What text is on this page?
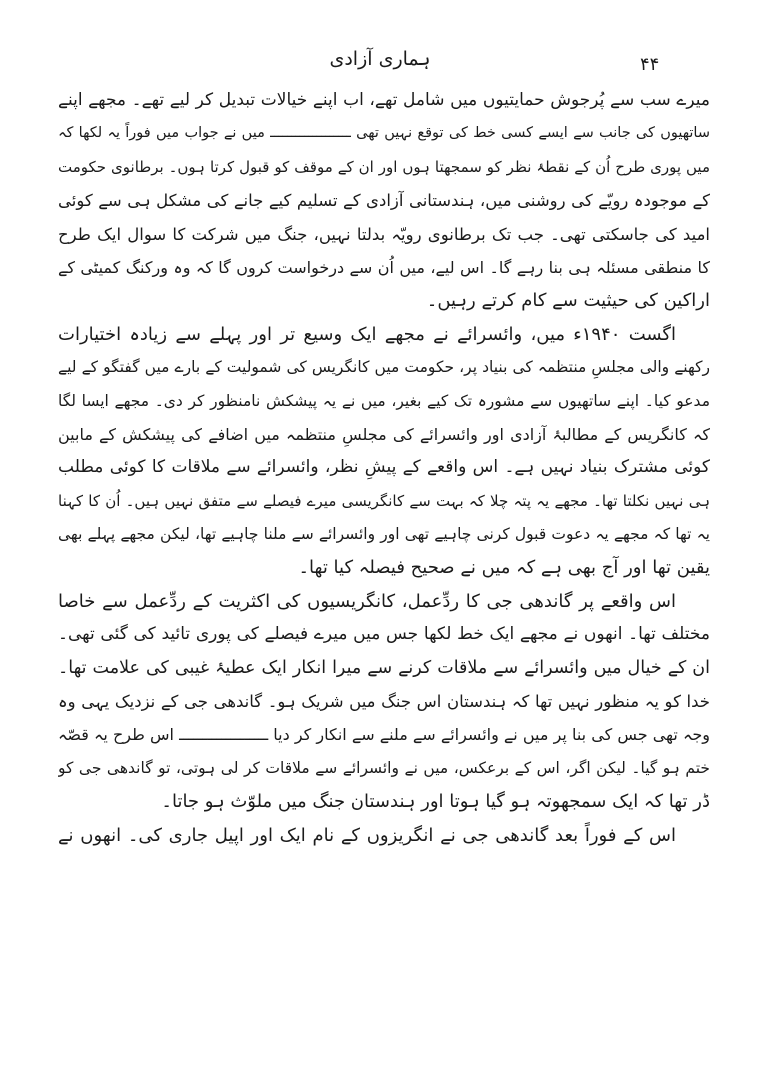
ہماری آزادی	۴۴
میرے سب سے پُرجوش حمایتیوں میں شامل تھے، اب اپنے خیالات تبدیل کر لیے تھے۔ مجھے اپنے
ساتھیوں کی جانب سے ایسے کسی خط کی توقع نہیں تھی ـــــــــــــــــــ میں نے جواب میں فوراً یہ لکھا کہ
میں پوری طرح اُن کے نقطۂ نظر کو سمجھتا ہوں اور ان کے موقف کو قبول کرتا ہوں۔ برطانوی حکومت
کے موجودہ رویّے کی روشنی میں، ہندستانی آزادی کے تسلیم کیے جانے کی مشکل ہی سے کوئی
امید کی جاسکتی تھی۔ جب تک برطانوی رویّہ بدلتا نہیں، جنگ میں شرکت کا سوال ایک طرح
کا منطقی مسئلہ ہی بنا رہے گا۔ اس لیے، میں اُن سے درخواست کروں گا کہ وہ ورکنگ کمیٹی کے
اراکین کی حیثیت سے کام کرتے رہیں۔
اگست ۱۹۴۰ء میں، وائسرائے نے مجھے ایک وسیع تر اور پہلے سے زیادہ اختیارات
رکھنے والی مجلسِ منتظمہ کی بنیاد پر، حکومت میں کانگریس کی شمولیت کے بارے میں گفتگو کے لیے
مدعو کیا۔ اپنے ساتھیوں سے مشورہ تک کیے بغیر، میں نے یہ پیشکش نامنظور کر دی۔ مجھے ایسا لگا
کہ کانگریس کے مطالبۂ آزادی اور وائسرائے کی مجلسِ منتظمہ میں اضافے کی پیشکش کے مابین
کوئی مشترک بنیاد نہیں ہے۔ اس واقعے کے پیشِ نظر، وائسرائے سے ملاقات کا کوئی مطلب
ہی نہیں نکلتا تھا۔ مجھے یہ پتہ چلا کہ بہت سے کانگریسی میرے فیصلے سے متفق نہیں ہیں۔ اُن کا کہنا
یہ تھا کہ مجھے یہ دعوت قبول کرنی چاہیے تھی اور وائسرائے سے ملنا چاہیے تھا، لیکن مجھے پہلے بھی
یقین تھا اور آج بھی ہے کہ میں نے صحیح فیصلہ کیا تھا۔
اس واقعے پر گاندھی جی کا ردِّعمل، کانگریسیوں کی اکثریت کے ردِّعمل سے خاصا
مختلف تھا۔ انھوں نے مجھے ایک خط لکھا جس میں میرے فیصلے کی پوری تائید کی گئی تھی۔
ان کے خیال میں وائسرائے سے ملاقات کرنے سے میرا انکار ایک عطیۂ غیبی کی علامت تھا۔
خدا کو یہ منظور نہیں تھا کہ ہندستان اس جنگ میں شریک ہو۔ گاندھی جی کے نزدیک یہی وہ
وجہ تھی جس کی بنا پر میں نے وائسرائے سے ملنے سے انکار کر دیا ـــــــــــــــــــ اس طرح یہ قصّہ
ختم ہو گیا۔ لیکن اگر، اس کے برعکس، میں نے وائسرائے سے ملاقات کر لی ہوتی، تو گاندھی جی کو
ڈر تھا کہ ایک سمجھوتہ ہو گیا ہوتا اور ہندستان جنگ میں ملوّث ہو جاتا۔
اس کے فوراً بعد گاندھی جی نے انگریزوں کے نام ایک اور اپیل جاری کی۔ انھوں نے
